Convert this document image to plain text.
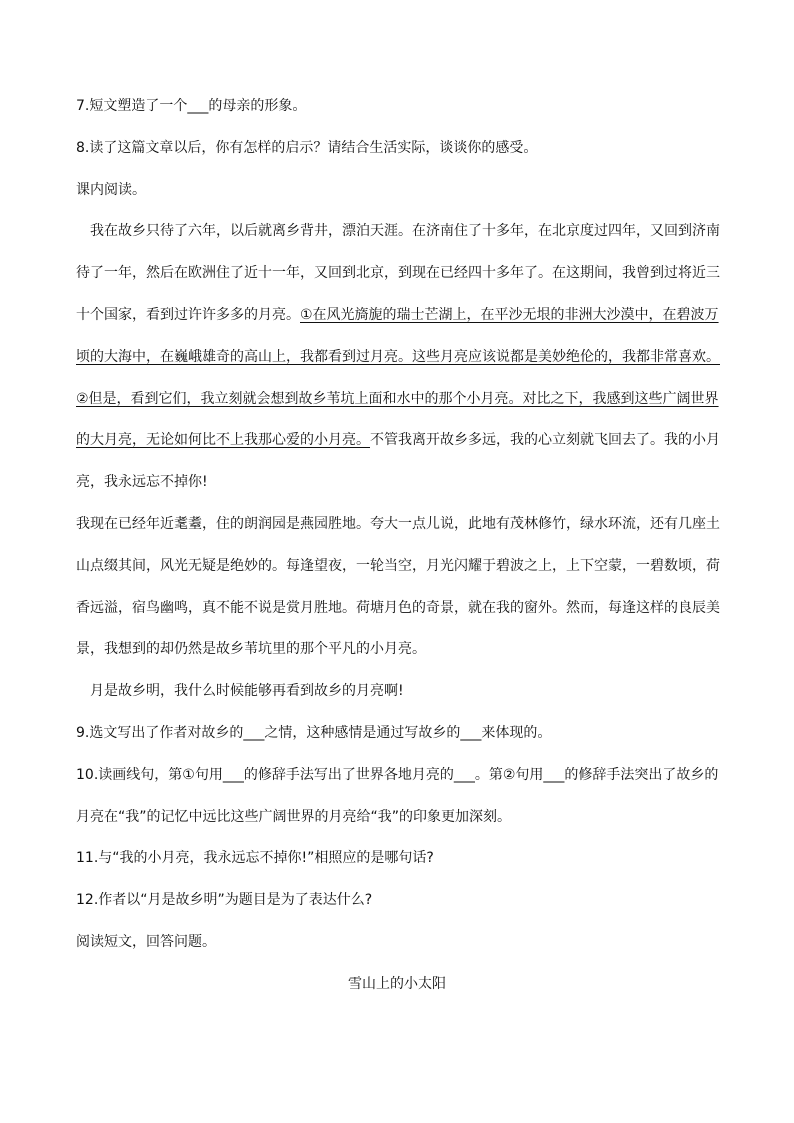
7.短文塑造了一个___的母亲的形象。

8.读了这篇文章以后，你有怎样的启示？请结合生活实际，谈谈你的感受。

课内阅读。

我在故乡只待了六年，以后就离乡背井，漂泊天涯。在济南住了十多年，在北京度过四年，又回到济南

待了一年，然后在欧洲住了近十一年，又回到北京，到现在已经四十多年了。在这期间，我曾到过将近三

十个国家，看到过许许多多的月亮。①在风光旖旎的瑞士芒湖上，在平沙无垠的非洲大沙漠中，在碧波万

顷的大海中，在巍峨雄奇的高山上，我都看到过月亮。这些月亮应该说都是美妙绝伦的，我都非常喜欢。

②但是，看到它们，我立刻就会想到故乡苇坑上面和水中的那个小月亮。对比之下，我感到这些广阔世界

的大月亮，无论如何比不上我那心爱的小月亮。不管我离开故乡多远，我的心立刻就飞回去了。我的小月

亮，我永远忘不掉你!

我现在已经年近耄耋，住的朗润园是燕园胜地。夸大一点儿说，此地有茂林修竹，绿水环流，还有几座土

山点缀其间，风光无疑是绝妙的。每逢望夜，一轮当空，月光闪耀于碧波之上，上下空蒙，一碧数顷，荷

香远溢，宿鸟幽鸣，真不能不说是赏月胜地。荷塘月色的奇景，就在我的窗外。然而，每逢这样的良辰美

景，我想到的却仍然是故乡苇坑里的那个平凡的小月亮。

月是故乡明，我什么时候能够再看到故乡的月亮啊!

9.选文写出了作者对故乡的___之情，这种感情是通过写故乡的___来体现的。

10.读画线句，第①句用___的修辞手法写出了世界各地月亮的___。第②句用___的修辞手法突出了故乡的

月亮在“我”的记忆中远比这些广阔世界的月亮给“我”的印象更加深刻。

11.与“我的小月亮，我永远忘不掉你!”相照应的是哪句话?

12.作者以“月是故乡明”为题目是为了表达什么?

阅读短文，回答问题。

雪山上的小太阳
